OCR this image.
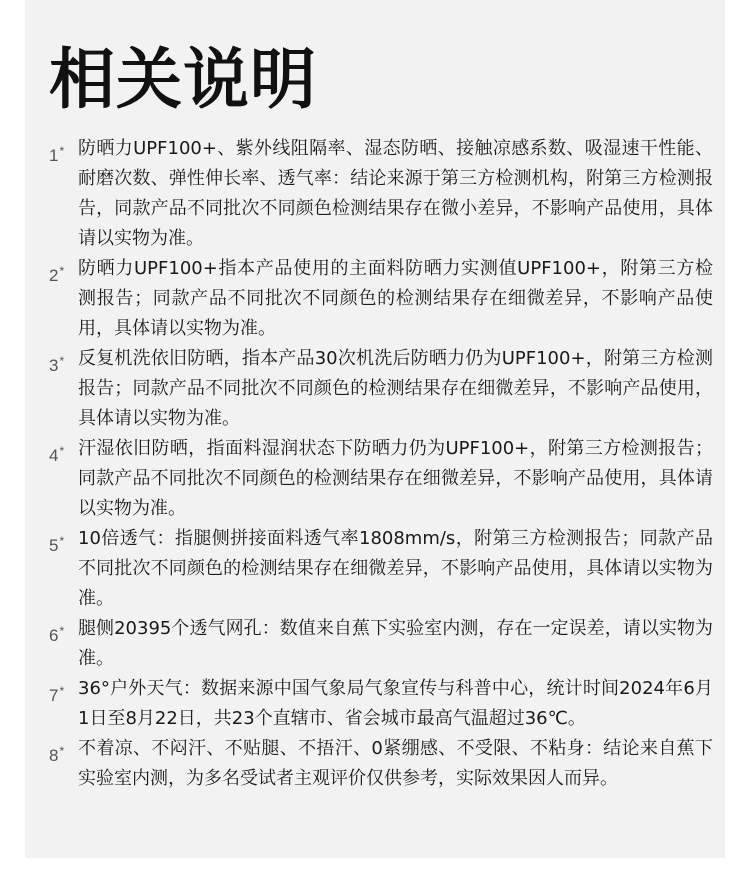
相关说明
1* 防晒力UPF100+、紫外线阻隔率、湿态防晒、接触凉感系数、吸湿速干性能、耐磨次数、弹性伸长率、透气率：结论来源于第三方检测机构，附第三方检测报告，同款产品不同批次不同颜色检测结果存在微小差异，不影响产品使用，具体请以实物为准。
2* 防晒力UPF100+指本产品使用的主面料防晒力实测值UPF100+，附第三方检测报告；同款产品不同批次不同颜色的检测结果存在细微差异，不影响产品使用，具体请以实物为准。
3* 反复机洗依旧防晒，指本产品30次机洗后防晒力仍为UPF100+，附第三方检测报告；同款产品不同批次不同颜色的检测结果存在细微差异，不影响产品使用，具体请以实物为准。
4* 汗湿依旧防晒，指面料湿润状态下防晒力仍为UPF100+，附第三方检测报告；同款产品不同批次不同颜色的检测结果存在细微差异，不影响产品使用，具体请以实物为准。
5* 10倍透气：指腿侧拼接面料透气率1808mm/s，附第三方检测报告；同款产品不同批次不同颜色的检测结果存在细微差异，不影响产品使用，具体请以实物为准。
6* 腿侧20395个透气网孔：数值来自蕉下实验室内测，存在一定误差，请以实物为准。
7* 36°户外天气：数据来源中国气象局气象宣传与科普中心，统计时间2024年6月1日至8月22日，共23个直辖市、省会城市最高气温超过36℃。
8* 不着凉、不闷汗、不贴腿、不捂汗、0紧绷感、不受限、不粘身：结论来自蕉下实验室内测，为多名受试者主观评价仅供参考，实际效果因人而异。
